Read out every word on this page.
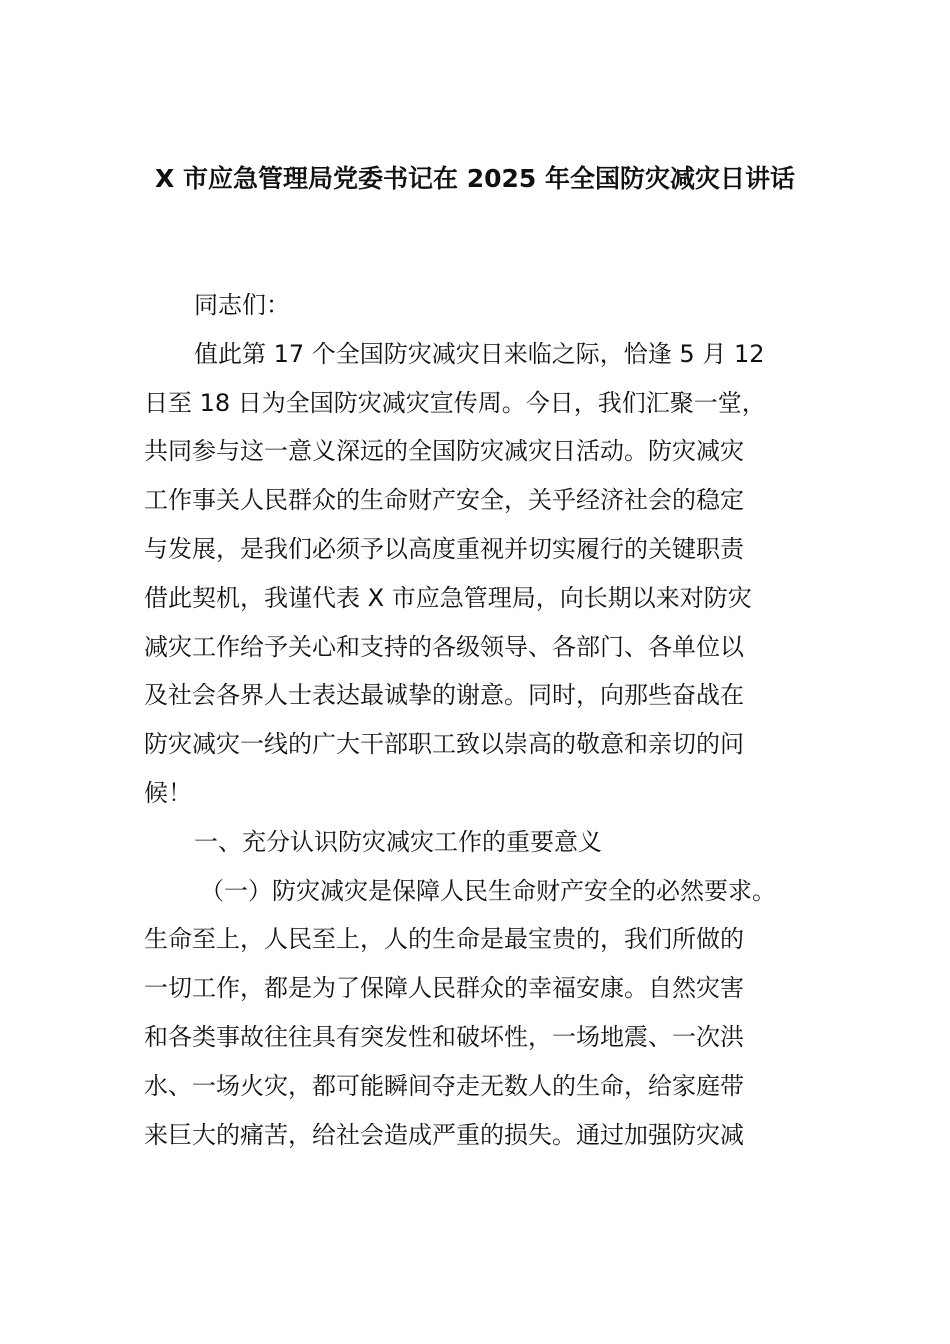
X 市应急管理局党委书记在 2025 年全国防灾减灾日讲话
同志们：
值此第 17 个全国防灾减灾日来临之际，恰逢 5 月 12
日至 18 日为全国防灾减灾宣传周。今日，我们汇聚一堂，
共同参与这一意义深远的全国防灾减灾日活动。防灾减灾
工作事关人民群众的生命财产安全，关乎经济社会的稳定
与发展，是我们必须予以高度重视并切实履行的关键职责
借此契机，我谨代表 X 市应急管理局，向长期以来对防灾
减灾工作给予关心和支持的各级领导、各部门、各单位以
及社会各界人士表达最诚挚的谢意。同时，向那些奋战在
防灾减灾一线的广大干部职工致以崇高的敬意和亲切的问
候！
一、充分认识防灾减灾工作的重要意义
（一）防灾减灾是保障人民生命财产安全的必然要求。
生命至上，人民至上，人的生命是最宝贵的，我们所做的
一切工作，都是为了保障人民群众的幸福安康。自然灾害
和各类事故往往具有突发性和破坏性，一场地震、一次洪
水、一场火灾，都可能瞬间夺走无数人的生命，给家庭带
来巨大的痛苦，给社会造成严重的损失。通过加强防灾减
